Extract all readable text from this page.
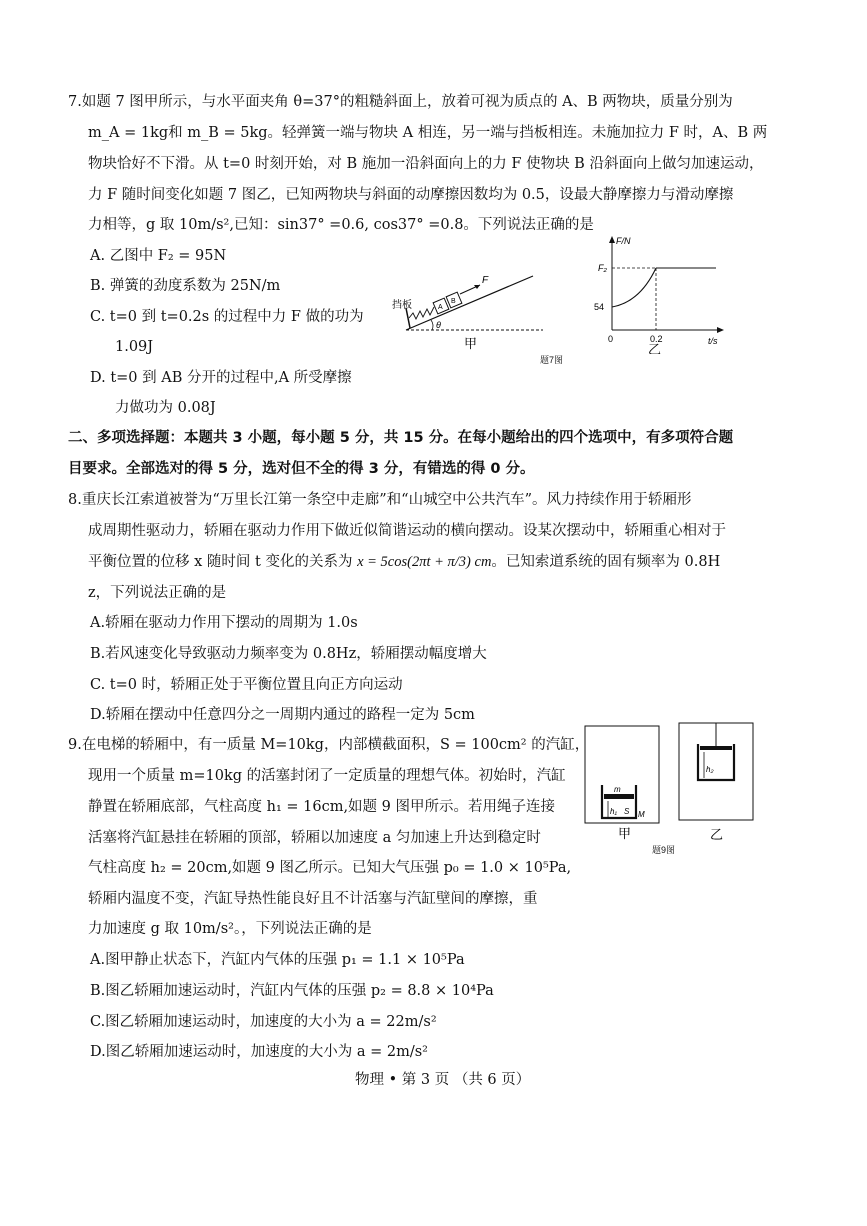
7.如题 7 图甲所示，与水平面夹角 θ=37°的粗糙斜面上，放着可视为质点的 A、B 两物块，质量分别为
m_A = 1kg和 m_B = 5kg。轻弹簧一端与物块 A 相连，另一端与挡板相连。未施加拉力 F 时，A、B 两
物块恰好不下滑。从 t=0 时刻开始，对 B 施加一沿斜面向上的力 F 使物块 B 沿斜面向上做匀加速运动，
力 F 随时间变化如题 7 图乙，已知两物块与斜面的动摩擦因数均为 0.5，设最大静摩擦力与滑动摩擦
力相等，g 取 10m/s²,已知：sin37° =0.6, cos37° =0.8。下列说法正确的是
A. 乙图中 F₂ = 95N
B. 弹簧的劲度系数为 25N/m
C. t=0 到 t=0.2s 的过程中力 F 做的功为
1.09J
D. t=0 到 AB 分开的过程中,A 所受摩擦
力做功为 0.08J
挡板
F
θ
A
B
甲
F/N
t/s
F₂
54
0	0.2
乙
题7图
二、多项选择题：本题共 3 小题，每小题 5 分，共 15 分。在每小题给出的四个选项中，有多项符合题
目要求。全部选对的得 5 分，选对但不全的得 3 分，有错选的得 0 分。
8.重庆长江索道被誉为“万里长江第一条空中走廊”和“山城空中公共汽车”。风力持续作用于轿厢形
成周期性驱动力，轿厢在驱动力作用下做近似简谐运动的横向摆动。设某次摆动中，轿厢重心相对于
平衡位置的位移 x 随时间 t 变化的关系为 x = 5cos(2πt + π/3) cm。已知索道系统的固有频率为 0.8H
z，下列说法正确的是
A.轿厢在驱动力作用下摆动的周期为 1.0s
B.若风速变化导致驱动力频率变为 0.8Hz，轿厢摆动幅度增大
C. t=0 时，轿厢正处于平衡位置且向正方向运动
D.轿厢在摆动中任意四分之一周期内通过的路程一定为 5cm
9.在电梯的轿厢中，有一质量 M=10kg，内部横截面积，S = 100cm² 的汽缸，
现用一个质量 m=10kg 的活塞封闭了一定质量的理想气体。初始时，汽缸
静置在轿厢底部，气柱高度 h₁ = 16cm,如题 9 图甲所示。若用绳子连接
活塞将汽缸悬挂在轿厢的顶部，轿厢以加速度 a 匀加速上升达到稳定时
气柱高度 h₂ = 20cm,如题 9 图乙所示。已知大气压强 p₀ = 1.0 × 10⁵Pa,
轿厢内温度不变，汽缸导热性能良好且不计活塞与汽缸壁间的摩擦，重
力加速度 g 取 10m/s²。，下列说法正确的是
A.图甲静止状态下，汽缸内气体的压强 p₁ = 1.1 × 10⁵Pa
B.图乙轿厢加速运动时，汽缸内气体的压强 p₂ = 8.8 × 10⁴Pa
C.图乙轿厢加速运动时，加速度的大小为 a = 22m/s²
D.图乙轿厢加速运动时，加速度的大小为 a = 2m/s²
m
h₁ S M
甲
h₂
乙
题9图
物理 • 第 3 页 （共 6 页）
